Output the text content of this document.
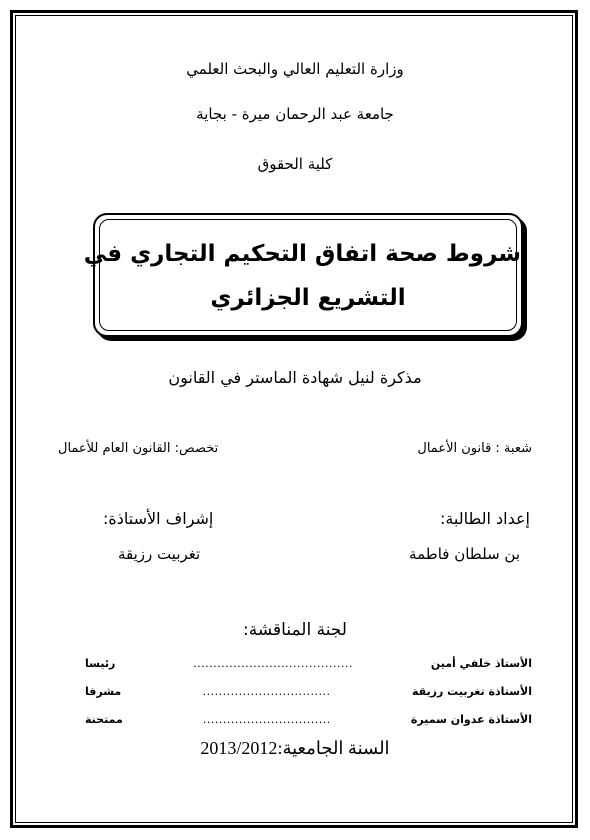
وزارة التعليم العالي والبحث العلمي
جامعة عبد الرحمان ميرة - بجاية
كلية الحقوق
شروط صحة اتفاق التحكيم التجاري في
التشريع الجزائري
مذكرة لنيل شهادة الماستر في القانون
شعبة : قانون الأعمال
تخصص: القانون العام للأعمال
إعداد الطالبة:
إشراف الأستاذة:
بن سلطان فاطمة
تغربيت رزيقة
لجنة المناقشة:
الأستاذ خلفي أمين
........................................
رئيسا
الأستاذة تغربيت رزيقة
................................
مشرفا
الأستاذة عدوان سميرة
................................
ممتحنة
السنة الجامعية:2013/2012
